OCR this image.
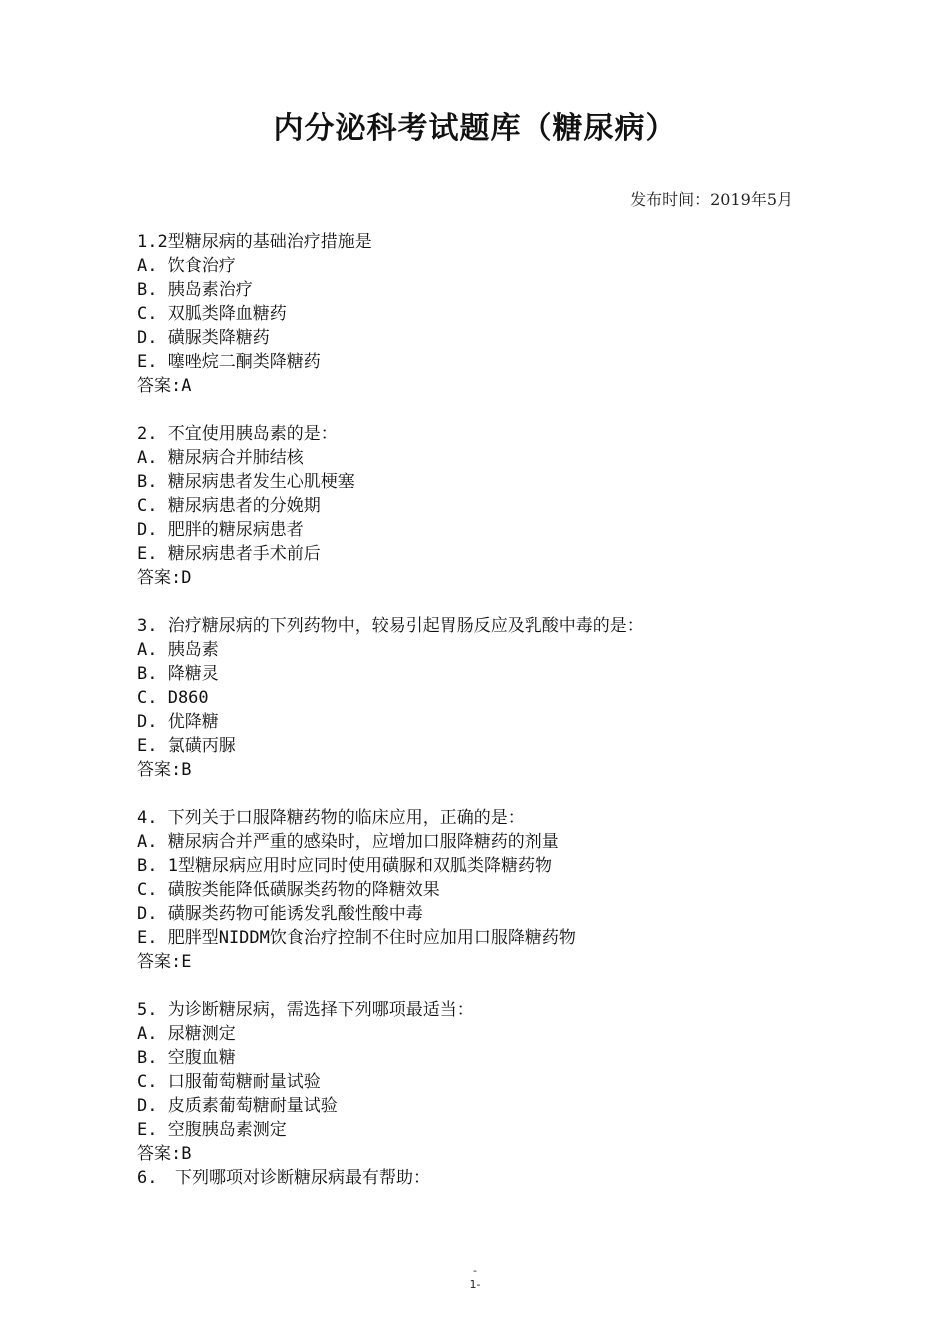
内分泌科考试题库（糖尿病）
发布时间：2019年5月
1.2型糖尿病的基础治疗措施是
A. 饮食治疗
B. 胰岛素治疗
C. 双胍类降血糖药
D. 磺脲类降糖药
E. 噻唑烷二酮类降糖药
答案:A
2. 不宜使用胰岛素的是：
A. 糖尿病合并肺结核
B. 糖尿病患者发生心肌梗塞
C. 糖尿病患者的分娩期
D. 肥胖的糖尿病患者
E. 糖尿病患者手术前后
答案:D
3. 治疗糖尿病的下列药物中，较易引起胃肠反应及乳酸中毒的是：
A. 胰岛素
B. 降糖灵
C. D860
D. 优降糖
E. 氯磺丙脲
答案:B
4. 下列关于口服降糖药物的临床应用，正确的是：
A. 糖尿病合并严重的感染时，应增加口服降糖药的剂量
B. 1型糖尿病应用时应同时使用磺脲和双胍类降糖药物
C. 磺胺类能降低磺脲类药物的降糖效果
D. 磺脲类药物可能诱发乳酸性酸中毒
E. 肥胖型NIDDM饮食治疗控制不住时应加用口服降糖药物
答案:E
5. 为诊断糖尿病，需选择下列哪项最适当：
A. 尿糖测定
B. 空腹血糖
C. 口服葡萄糖耐量试验
D. 皮质素葡萄糖耐量试验
E. 空腹胰岛素测定
答案:B
6. 下列哪项对诊断糖尿病最有帮助：
-
1-
